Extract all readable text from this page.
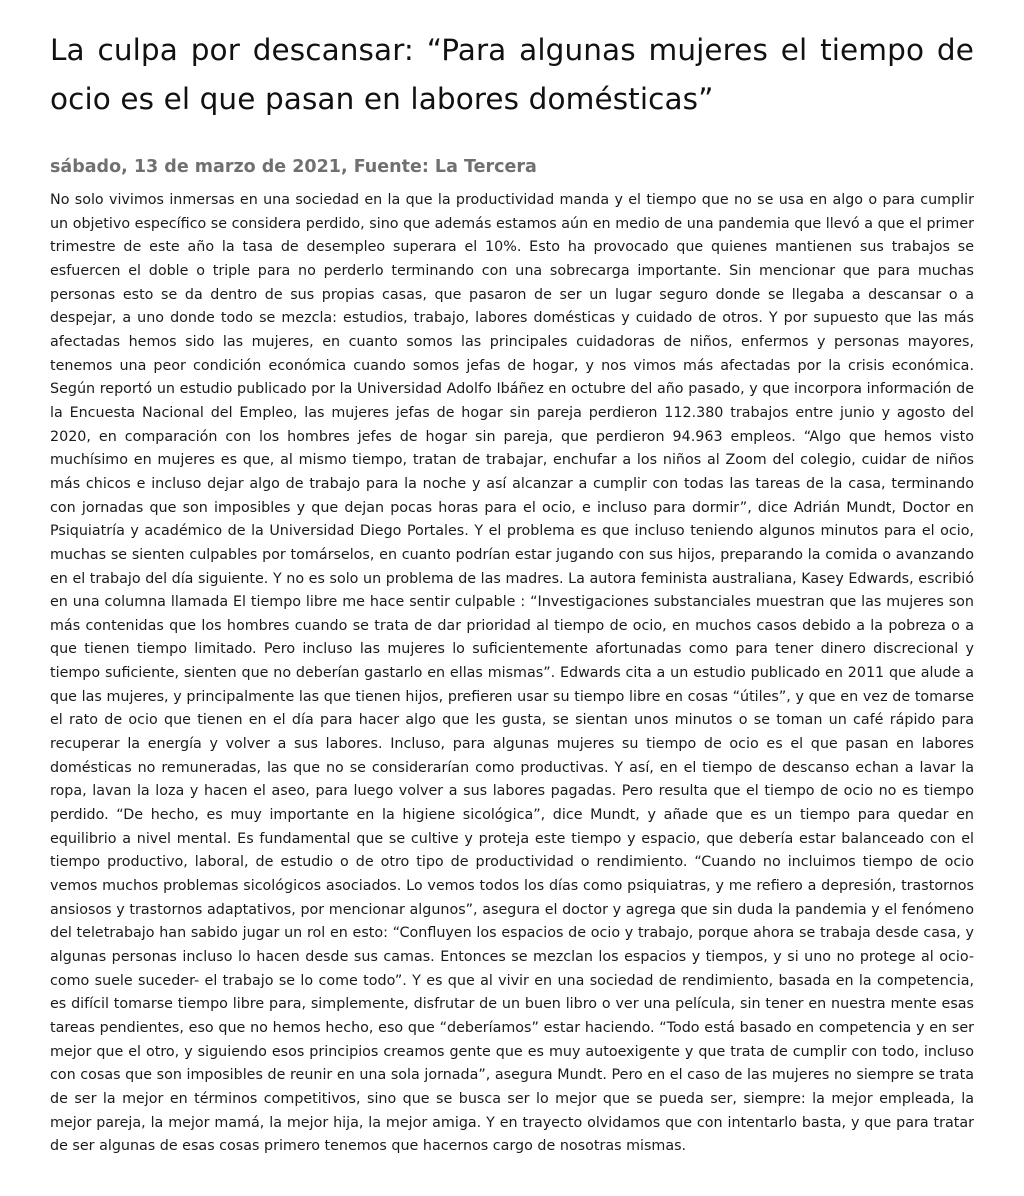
La culpa por descansar: “Para algunas mujeres el tiempo de ocio es el que pasan en labores domésticas”
sábado, 13 de marzo de 2021, Fuente: La Tercera

No solo vivimos inmersas en una sociedad en la que la productividad manda y el tiempo que no se usa en algo o para cumplir un objetivo específico se considera perdido, sino que además estamos aún en medio de una pandemia que llevó a que el primer trimestre de este año la tasa de desempleo superara el 10%. Esto ha provocado que quienes mantienen sus trabajos se esfuercen el doble o triple para no perderlo terminando con una sobrecarga importante. Sin mencionar que para muchas personas esto se da dentro de sus propias casas, que pasaron de ser un lugar seguro donde se llegaba a descansar o a despejar, a uno donde todo se mezcla: estudios, trabajo, labores domésticas y cuidado de otros. Y por supuesto que las más afectadas hemos sido las mujeres, en cuanto somos las principales cuidadoras de niños, enfermos y personas mayores, tenemos una peor condición económica cuando somos jefas de hogar, y nos vimos más afectadas por la crisis económica. Según reportó un estudio publicado por la Universidad Adolfo Ibáñez en octubre del año pasado, y que incorpora información de la Encuesta Nacional del Empleo, las mujeres jefas de hogar sin pareja perdieron 112.380 trabajos entre junio y agosto del 2020, en comparación con los hombres jefes de hogar sin pareja, que perdieron 94.963 empleos. “Algo que hemos visto muchísimo en mujeres es que, al mismo tiempo, tratan de trabajar, enchufar a los niños al Zoom del colegio, cuidar de niños más chicos e incluso dejar algo de trabajo para la noche y así alcanzar a cumplir con todas las tareas de la casa, terminando con jornadas que son imposibles y que dejan pocas horas para el ocio, e incluso para dormir”, dice Adrián Mundt, Doctor en Psiquiatría y académico de la Universidad Diego Portales. Y el problema es que incluso teniendo algunos minutos para el ocio, muchas se sienten culpables por tomárselos, en cuanto podrían estar jugando con sus hijos, preparando la comida o avanzando en el trabajo del día siguiente. Y no es solo un problema de las madres. La autora feminista australiana, Kasey Edwards, escribió en una columna llamada El tiempo libre me hace sentir culpable : “Investigaciones substanciales muestran que las mujeres son más contenidas que los hombres cuando se trata de dar prioridad al tiempo de ocio, en muchos casos debido a la pobreza o a que tienen tiempo limitado. Pero incluso las mujeres lo suficientemente afortunadas como para tener dinero discrecional y tiempo suficiente, sienten que no deberían gastarlo en ellas mismas”. Edwards cita a un estudio publicado en 2011 que alude a que las mujeres, y principalmente las que tienen hijos, prefieren usar su tiempo libre en cosas “útiles”, y que en vez de tomarse el rato de ocio que tienen en el día para hacer algo que les gusta, se sientan unos minutos o se toman un café rápido para recuperar la energía y volver a sus labores. Incluso, para algunas mujeres su tiempo de ocio es el que pasan en labores domésticas no remuneradas, las que no se considerarían como productivas. Y así, en el tiempo de descanso echan a lavar la ropa, lavan la loza y hacen el aseo, para luego volver a sus labores pagadas. Pero resulta que el tiempo de ocio no es tiempo perdido. “De hecho, es muy importante en la higiene sicológica”, dice Mundt, y añade que es un tiempo para quedar en equilibrio a nivel mental. Es fundamental que se cultive y proteja este tiempo y espacio, que debería estar balanceado con el tiempo productivo, laboral, de estudio o de otro tipo de productividad o rendimiento. “Cuando no incluimos tiempo de ocio vemos muchos problemas sicológicos asociados. Lo vemos todos los días como psiquiatras, y me refiero a depresión, trastornos ansiosos y trastornos adaptativos, por mencionar algunos”, asegura el doctor y agrega que sin duda la pandemia y el fenómeno del teletrabajo han sabido jugar un rol en esto: “Confluyen los espacios de ocio y trabajo, porque ahora se trabaja desde casa, y algunas personas incluso lo hacen desde sus camas. Entonces se mezclan los espacios y tiempos, y si uno no protege al ocio- como suele suceder- el trabajo se lo come todo”. Y es que al vivir en una sociedad de rendimiento, basada en la competencia, es difícil tomarse tiempo libre para, simplemente, disfrutar de un buen libro o ver una película, sin tener en nuestra mente esas tareas pendientes, eso que no hemos hecho, eso que “deberíamos” estar haciendo. “Todo está basado en competencia y en ser mejor que el otro, y siguiendo esos principios creamos gente que es muy autoexigente y que trata de cumplir con todo, incluso con cosas que son imposibles de reunir en una sola jornada”, asegura Mundt. Pero en el caso de las mujeres no siempre se trata de ser la mejor en términos competitivos, sino que se busca ser lo mejor que se pueda ser, siempre: la mejor empleada, la mejor pareja, la mejor mamá, la mejor hija, la mejor amiga. Y en trayecto olvidamos que con intentarlo basta, y que para tratar de ser algunas de esas cosas primero tenemos que hacernos cargo de nosotras mismas.
